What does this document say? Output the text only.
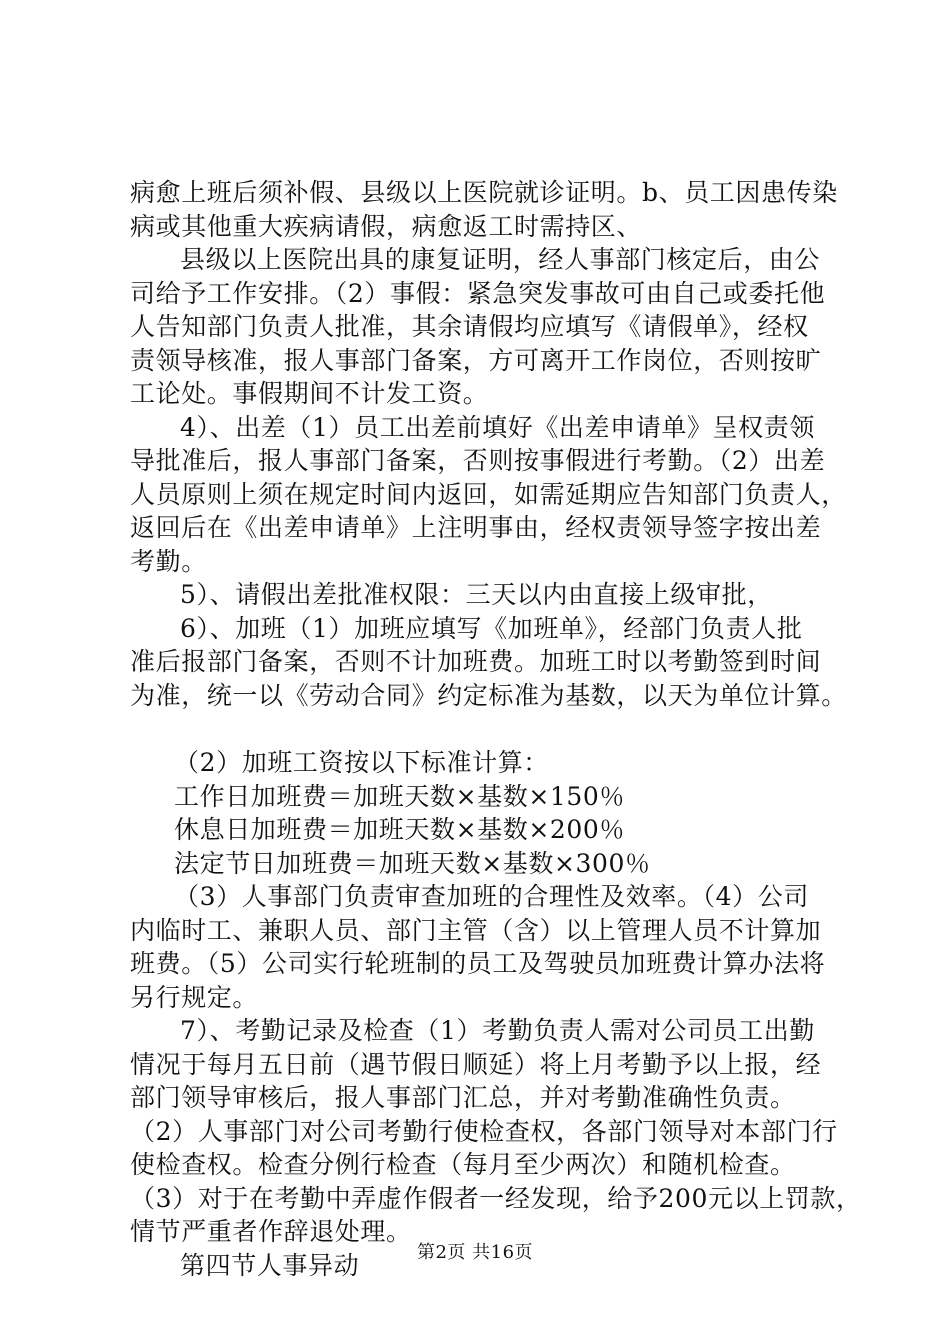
病愈上班后须补假、县级以上医院就诊证明。b、员工因患传染
病或其他重大疾病请假，病愈返工时需持区、
县级以上医院出具的康复证明，经人事部门核定后，由公
司给予工作安排。（2）事假：紧急突发事故可由自己或委托他
人告知部门负责人批准，其余请假均应填写《请假单》，经权
责领导核准，报人事部门备案，方可离开工作岗位，否则按旷
工论处。事假期间不计发工资。
4）、出差（1）员工出差前填好《出差申请单》呈权责领
导批准后，报人事部门备案，否则按事假进行考勤。（2）出差
人员原则上须在规定时间内返回，如需延期应告知部门负责人，
返回后在《出差申请单》上注明事由，经权责领导签字按出差
考勤。
5）、请假出差批准权限：三天以内由直接上级审批，
6）、加班（1）加班应填写《加班单》，经部门负责人批
准后报部门备案，否则不计加班费。加班工时以考勤签到时间
为准，统一以《劳动合同》约定标准为基数，以天为单位计算。
（2）加班工资按以下标准计算：
工作日加班费＝加班天数×基数×150％
休息日加班费＝加班天数×基数×200％
法定节日加班费＝加班天数×基数×300％
（3）人事部门负责审查加班的合理性及效率。（4）公司
内临时工、兼职人员、部门主管（含）以上管理人员不计算加
班费。（5）公司实行轮班制的员工及驾驶员加班费计算办法将
另行规定。
7）、考勤记录及检查（1）考勤负责人需对公司员工出勤
情况于每月五日前（遇节假日顺延）将上月考勤予以上报，经
部门领导审核后，报人事部门汇总，并对考勤准确性负责。
（2）人事部门对公司考勤行使检查权，各部门领导对本部门行
使检查权。检查分例行检查（每月至少两次）和随机检查。
（3）对于在考勤中弄虚作假者一经发现，给予200元以上罚款，
情节严重者作辞退处理。
第四节人事异动	第2页 共16页
